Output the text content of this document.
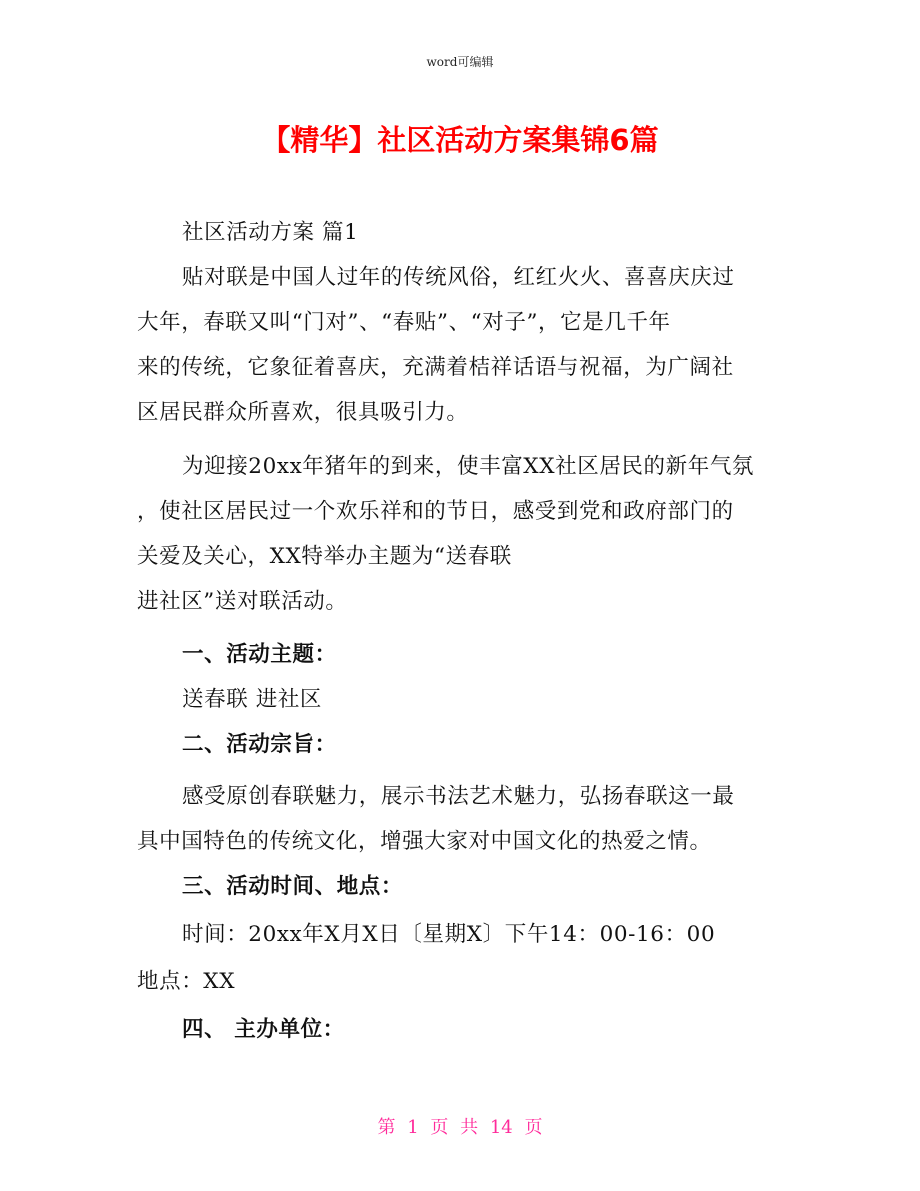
word可编辑
【精华】社区活动方案集锦6篇
社区活动方案 篇1
贴对联是中国人过年的传统风俗，红红火火、喜喜庆庆过
大年，春联又叫“门对”、“春贴”、“对子”，它是几千年
来的传统，它象征着喜庆，充满着桔祥话语与祝福，为广阔社
区居民群众所喜欢，很具吸引力。
为迎接20xx年猪年的到来，使丰富XX社区居民的新年气氛
，使社区居民过一个欢乐祥和的节日，感受到党和政府部门的
关爱及关心，XX特举办主题为“送春联
进社区”送对联活动。
一、活动主题：
送春联 进社区
二、活动宗旨：
感受原创春联魅力，展示书法艺术魅力，弘扬春联这一最
具中国特色的传统文化，增强大家对中国文化的热爱之情。
三、活动时间、地点：
时间：20xx年X月X日〔星期X〕下午14：00-16：00
地点：XX
四、 主办单位：
第 1 页 共 14 页
